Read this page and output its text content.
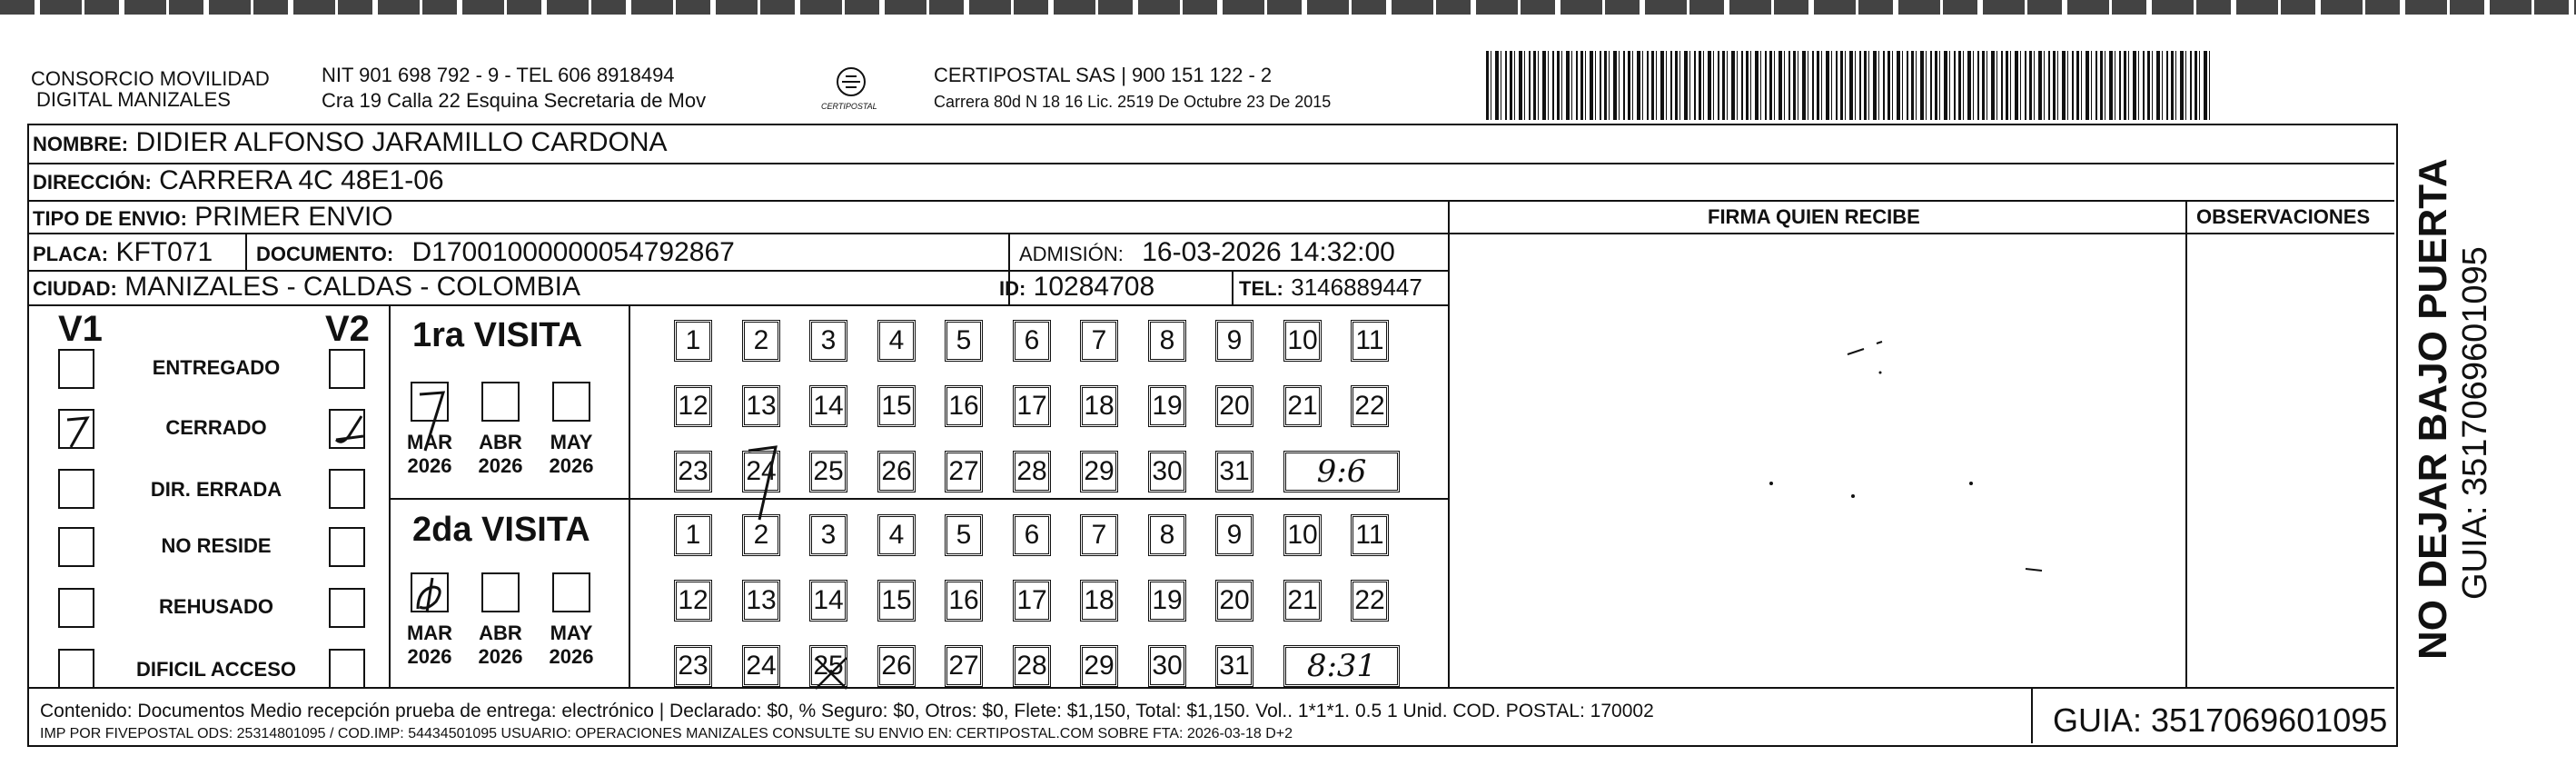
CONSORCIO MOVILIDAD
DIGITAL MANIZALES
NIT 901 698 792 - 9 - TEL 606 8918494
Cra 19 Calla 22 Esquina Secretaria de Mov	CERTIPOSTAL
CERTIPOSTAL SAS | 900 151 122 - 2
Carrera 80d N 18 16 Lic. 2519 De Octubre 23 De 2015
NOMBRE: DIDIER ALFONSO JARAMILLO CARDONA
DIRECCIÓN: CARRERA 4C 48E1-06
TIPO DE ENVIO: PRIMER ENVIO
PLACA: KFT071 DOCUMENTO: D17001000000054792867	ADMISIÓN: 16-03-2026 14:32:00
CIUDAD: MANIZALES - CALDAS - COLOMBIA	ID: 10284708	TEL: 3146889447
FIRMA QUIEN RECIBE	OBSERVACIONES
V1	V2
ENTREGADO
CERRADO
DIR. ERRADA
NO RESIDE
REHUSADO
DIFICIL ACCESO
1ra VISITA
2da VISITA
MAR
2026
ABR
2026
MAY
2026
MAR
2026
ABR
2026
MAY
2026
1	2	3	4	5	6	7	8	9	10 11
12 13 14 15 16 17 18 19 20 21 22
23 24 25 26 27 28 29 30 31	9:6
1	2	3	4	5	6	7	8	9	10 11
12 13 14 15 16 17 18 19 20 21 22
23 24 25 26 27 28 29 30 31	8:31
Contenido: Documentos Medio recepción prueba de entrega: electrónico | Declarado: $0, % Seguro: $0, Otros: $0, Flete: $1,150, Total: $1,150. Vol.. 1*1*1. 0.5 1 Unid. COD. POSTAL: 170002
IMP POR FIVEPOSTAL ODS: 25314801095 / COD.IMP: 54434501095 USUARIO: OPERACIONES MANIZALES CONSULTE SU ENVIO EN: CERTIPOSTAL.COM SOBRE FTA: 2026-03-18 D+2	GUIA: 3517069601095
NO DEJAR BAJO PUERTA GUIA: 3517069601095
